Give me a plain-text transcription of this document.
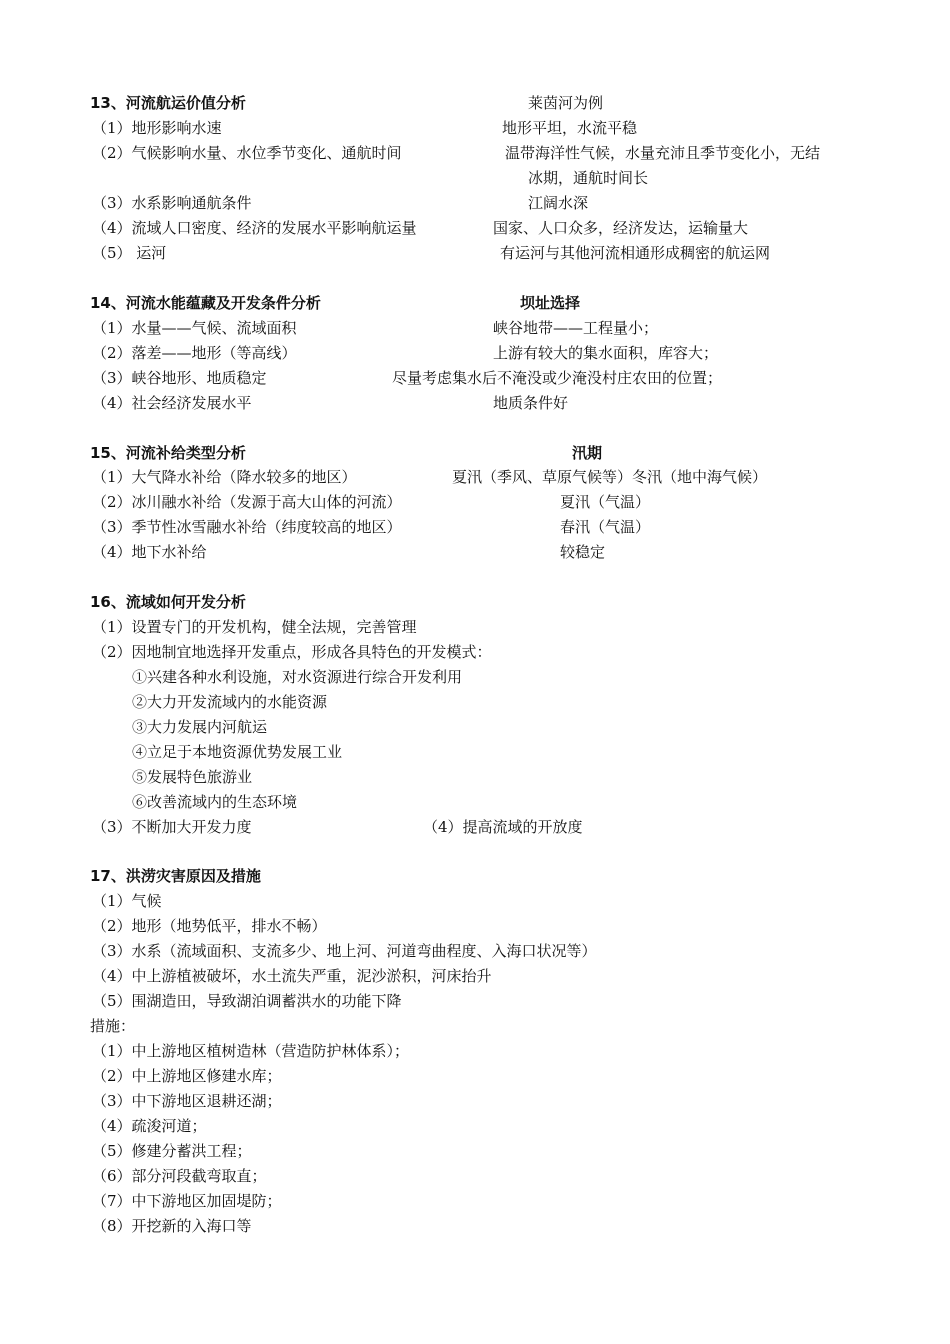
13、河流航运价值分析	莱茵河为例
（1）地形影响水速	地形平坦，水流平稳
（2）气候影响水量、水位季节变化、通航时间	温带海洋性气候，水量充沛且季节变化小，无结
冰期，通航时间长
（3）水系影响通航条件	江阔水深
（4）流域人口密度、经济的发展水平影响航运量	国家、人口众多，经济发达，运输量大
（5） 运河	有运河与其他河流相通形成稠密的航运网
14、河流水能蕴藏及开发条件分析	坝址选择
（1）水量——气候、流域面积	峡谷地带——工程量小；
（2）落差——地形（等高线）	上游有较大的集水面积，库容大；
（3）峡谷地形、地质稳定	尽量考虑集水后不淹没或少淹没村庄农田的位置；
（4）社会经济发展水平	地质条件好
15、河流补给类型分析	汛期
（1）大气降水补给（降水较多的地区）	夏汛（季风、草原气候等）冬汛（地中海气候）
（2）冰川融水补给（发源于高大山体的河流）	夏汛（气温）
（3）季节性冰雪融水补给（纬度较高的地区）	春汛（气温）
（4）地下水补给	较稳定
16、流域如何开发分析
（1）设置专门的开发机构，健全法规，完善管理
（2）因地制宜地选择开发重点，形成各具特色的开发模式：
①兴建各种水利设施，对水资源进行综合开发利用
②大力开发流域内的水能资源
③大力发展内河航运
④立足于本地资源优势发展工业
⑤发展特色旅游业
⑥改善流域内的生态环境
（3）不断加大开发力度	（4）提高流域的开放度
17、洪涝灾害原因及措施
（1）气候
（2）地形（地势低平，排水不畅）
（3）水系（流域面积、支流多少、地上河、河道弯曲程度、入海口状况等）
（4）中上游植被破坏，水土流失严重，泥沙淤积，河床抬升
（5）围湖造田，导致湖泊调蓄洪水的功能下降
措施：
（1）中上游地区植树造林（营造防护林体系）；
（2）中上游地区修建水库；
（3）中下游地区退耕还湖；
（4）疏浚河道；
（5）修建分蓄洪工程；
（6）部分河段截弯取直；
（7）中下游地区加固堤防；
（8）开挖新的入海口等
